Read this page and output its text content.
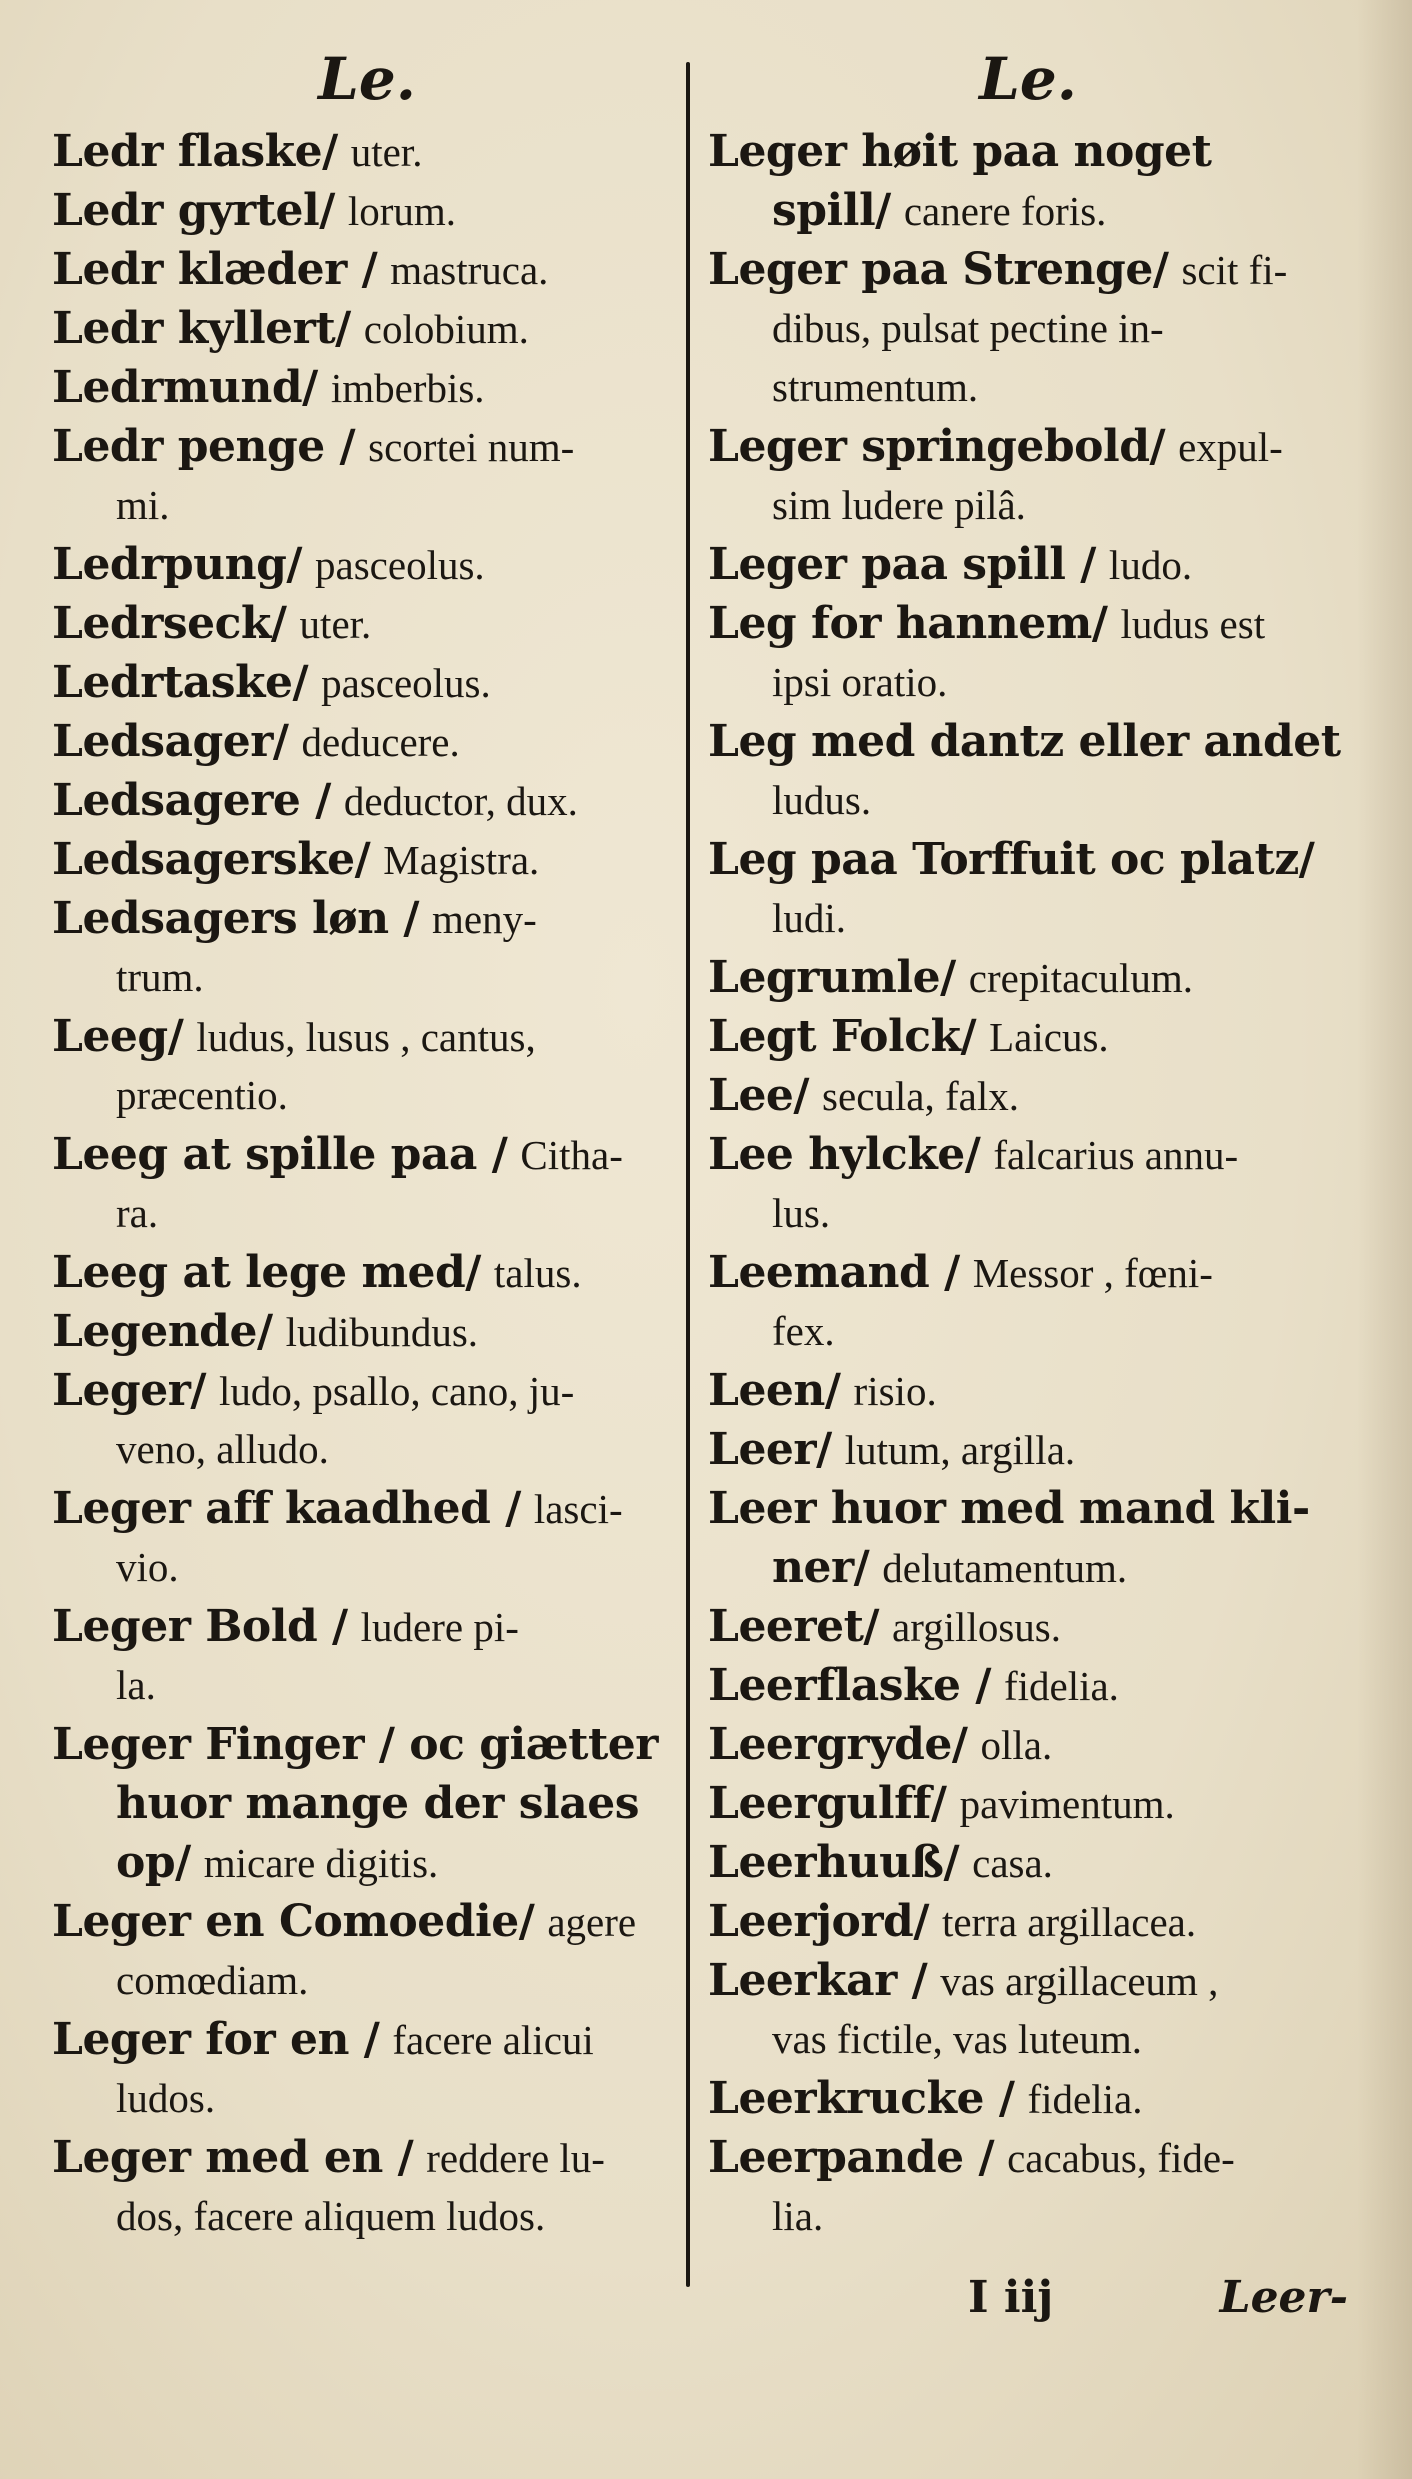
Le.
Ledr flaske/ uter.
Ledr gyrtel/ lorum.
Ledr klæder / mastruca.
Ledr kyllert/ colobium.
Ledrmund/ imberbis.
Ledr penge / scortei num-
mi.
Ledrpung/ pasceolus.
Ledrseck/ uter.
Ledrtaske/ pasceolus.
Ledsager/ deducere.
Ledsagere / deductor, dux.
Ledsagerske/ Magistra.
Ledsagers løn / meny-
trum.
Leeg/ ludus, lusus , cantus,
præcentio.
Leeg at spille paa / Citha-
ra.
Leeg at lege med/ talus.
Legende/ ludibundus.
Leger/ ludo, psallo, cano, ju-
veno, alludo.
Leger aff kaadhed / lasci-
vio.
Leger Bold / ludere pi-
la.
Leger Finger / oc giætter
huor mange der slaes
op/ micare digitis.
Leger en Comoedie/ agere
comœdiam.
Leger for en / facere alicui
ludos.
Leger med en / reddere lu-
dos, facere aliquem ludos.
Le.
Leger høit paa noget
spill/ canere foris.
Leger paa Strenge/ scit fi-
dibus, pulsat pectine in-
strumentum.
Leger springebold/ expul-
sim ludere pilâ.
Leger paa spill / ludo.
Leg for hannem/ ludus est
ipsi oratio.
Leg med dantz eller andet
ludus.
Leg paa Torffuit oc platz/
ludi.
Legrumle/ crepitaculum.
Legt Folck/ Laicus.
Lee/ secula, falx.
Lee hylcke/ falcarius annu-
lus.
Leemand / Messor , fœni-
fex.
Leen/ risio.
Leer/ lutum, argilla.
Leer huor med mand kli-
ner/ delutamentum.
Leeret/ argillosus.
Leerflaske / fidelia.
Leergryde/ olla.
Leergulff/ pavimentum.
Leerhuuß/ casa.
Leerjord/ terra argillacea.
Leerkar / vas argillaceum ,
vas fictile, vas luteum.
Leerkrucke / fidelia.
Leerpande / cacabus, fide-
lia.
I iij	Leer-
